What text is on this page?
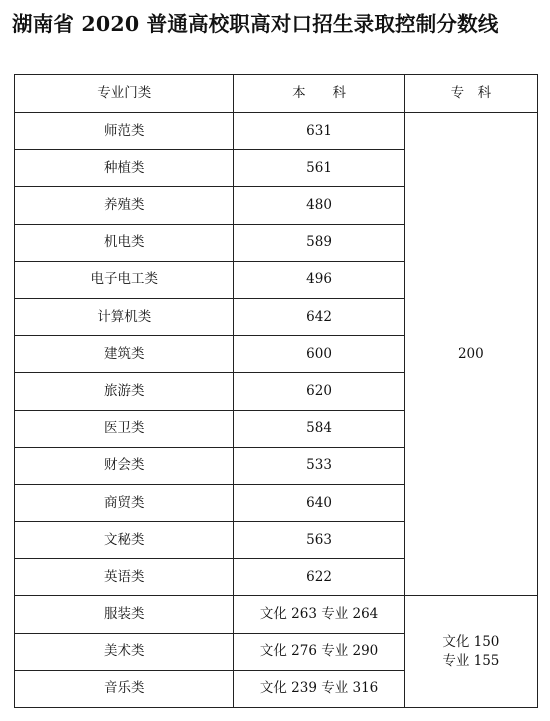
湖南省 2020 普通高校职高对口招生录取控制分数线
专业门类	本　　科	专　科
师范类	631	200
种植类	561	
养殖类	480	
机电类	589	
电子电工类	496	
计算机类	642	
建筑类	600	
旅游类	620	
医卫类	584	
财会类	533	
商贸类	640	
文秘类	563	
英语类	622	
服装类	文化 263 专业 264	文化 150
专业 155

美术类	文化 276 专业 290	
音乐类	文化 239 专业 316	
